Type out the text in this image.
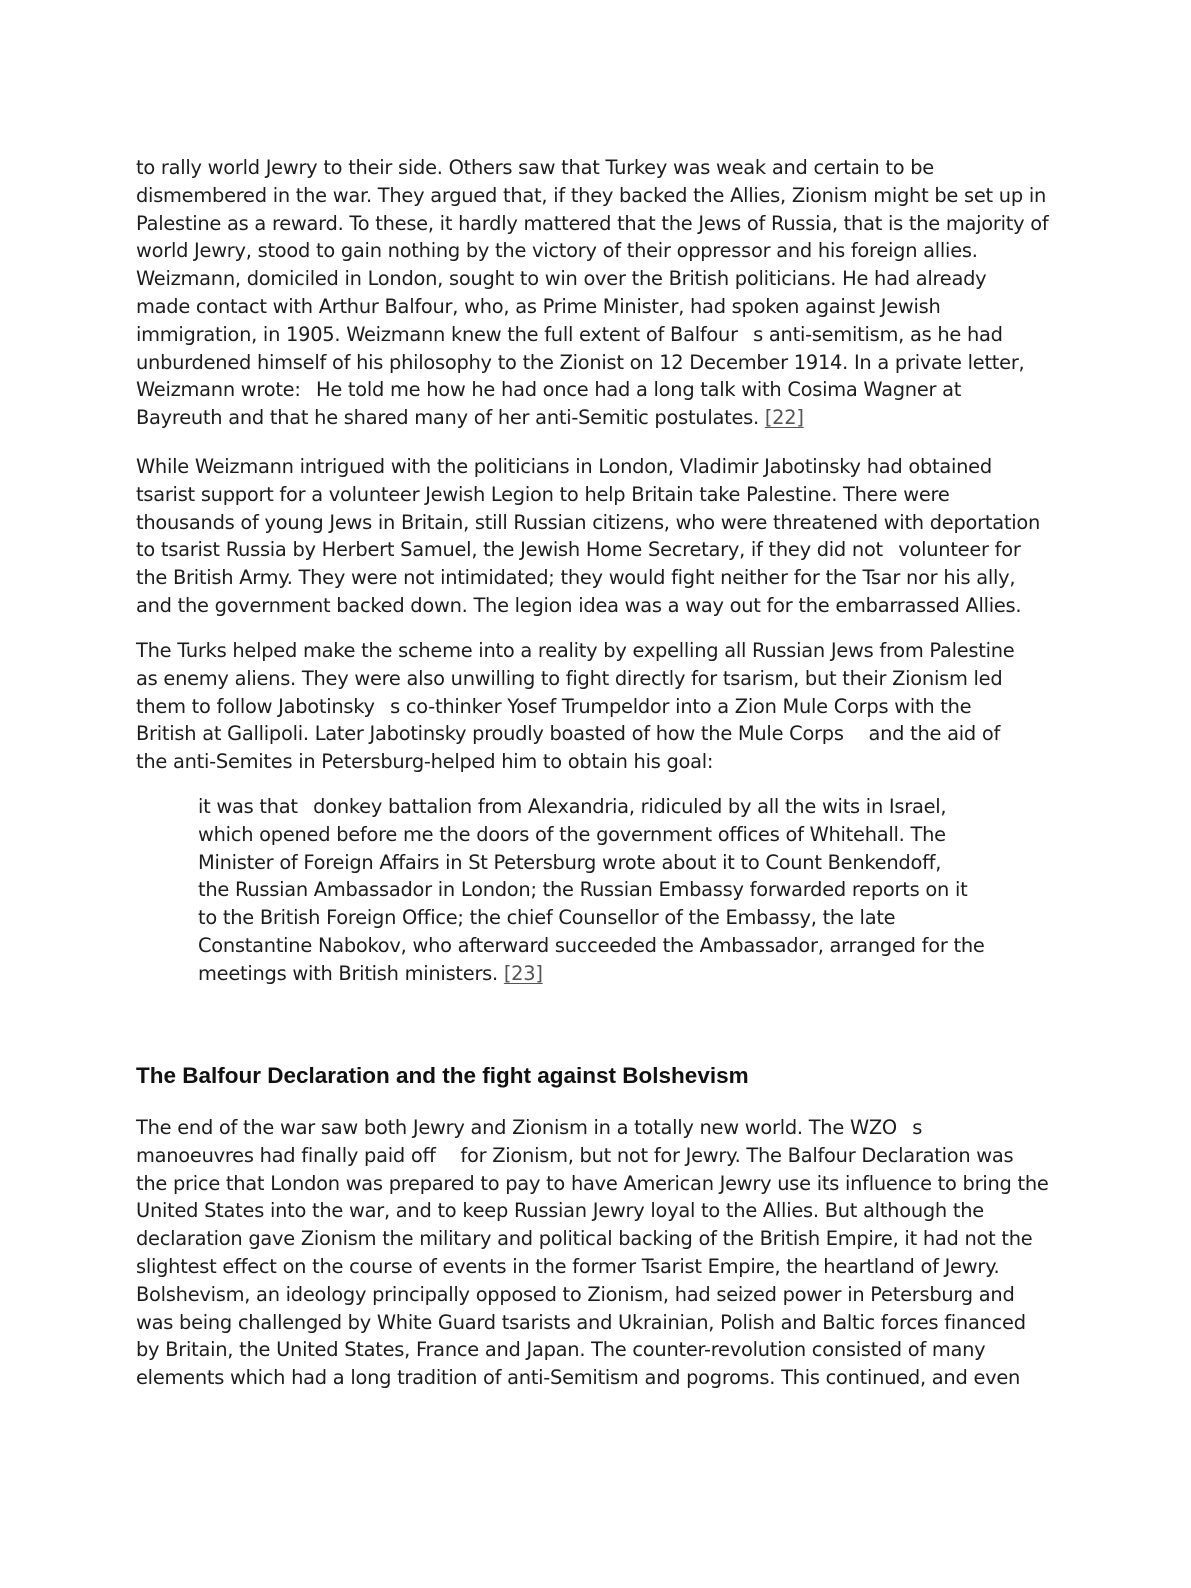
to rally world Jewry to their side. Others saw that Turkey was weak and certain to be
dismembered in the war. They argued that, if they backed the Allies, Zionism might be set up in
Palestine as a reward. To these, it hardly mattered that the Jews of Russia, that is the majority of
world Jewry, stood to gain nothing by the victory of their oppressor and his foreign allies.
Weizmann, domiciled in London, sought to win over the British politicians. He had already
made contact with Arthur Balfour, who, as Prime Minister, had spoken against Jewish
immigration, in 1905. Weizmann knew the full extent of Balfour  s anti-semitism, as he had
unburdened himself of his philosophy to the Zionist on 12 December 1914. In a private letter,
Weizmann wrote:  He told me how he had once had a long talk with Cosima Wagner at
Bayreuth and that he shared many of her anti-Semitic postulates. [22]
While Weizmann intrigued with the politicians in London, Vladimir Jabotinsky had obtained
tsarist support for a volunteer Jewish Legion to help Britain take Palestine. There were
thousands of young Jews in Britain, still Russian citizens, who were threatened with deportation
to tsarist Russia by Herbert Samuel, the Jewish Home Secretary, if they did not  volunteer for
the British Army. They were not intimidated; they would fight neither for the Tsar nor his ally,
and the government backed down. The legion idea was a way out for the embarrassed Allies.
The Turks helped make the scheme into a reality by expelling all Russian Jews from Palestine
as enemy aliens. They were also unwilling to fight directly for tsarism, but their Zionism led
them to follow Jabotinsky  s co-thinker Yosef Trumpeldor into a Zion Mule Corps with the
British at Gallipoli. Later Jabotinsky proudly boasted of how the Mule Corps   and the aid of
the anti-Semites in Petersburg-helped him to obtain his goal:
it was that  donkey battalion from Alexandria, ridiculed by all the wits in Israel,
which opened before me the doors of the government offices of Whitehall. The
Minister of Foreign Affairs in St Petersburg wrote about it to Count Benkendoff,
the Russian Ambassador in London; the Russian Embassy forwarded reports on it
to the British Foreign Office; the chief Counsellor of the Embassy, the late
Constantine Nabokov, who afterward succeeded the Ambassador, arranged for the
meetings with British ministers. [23]
The Balfour Declaration and the fight against Bolshevism
The end of the war saw both Jewry and Zionism in a totally new world. The WZO  s
manoeuvres had finally paid off   for Zionism, but not for Jewry. The Balfour Declaration was
the price that London was prepared to pay to have American Jewry use its influence to bring the
United States into the war, and to keep Russian Jewry loyal to the Allies. But although the
declaration gave Zionism the military and political backing of the British Empire, it had not the
slightest effect on the course of events in the former Tsarist Empire, the heartland of Jewry.
Bolshevism, an ideology principally opposed to Zionism, had seized power in Petersburg and
was being challenged by White Guard tsarists and Ukrainian, Polish and Baltic forces financed
by Britain, the United States, France and Japan. The counter-revolution consisted of many
elements which had a long tradition of anti-Semitism and pogroms. This continued, and even
